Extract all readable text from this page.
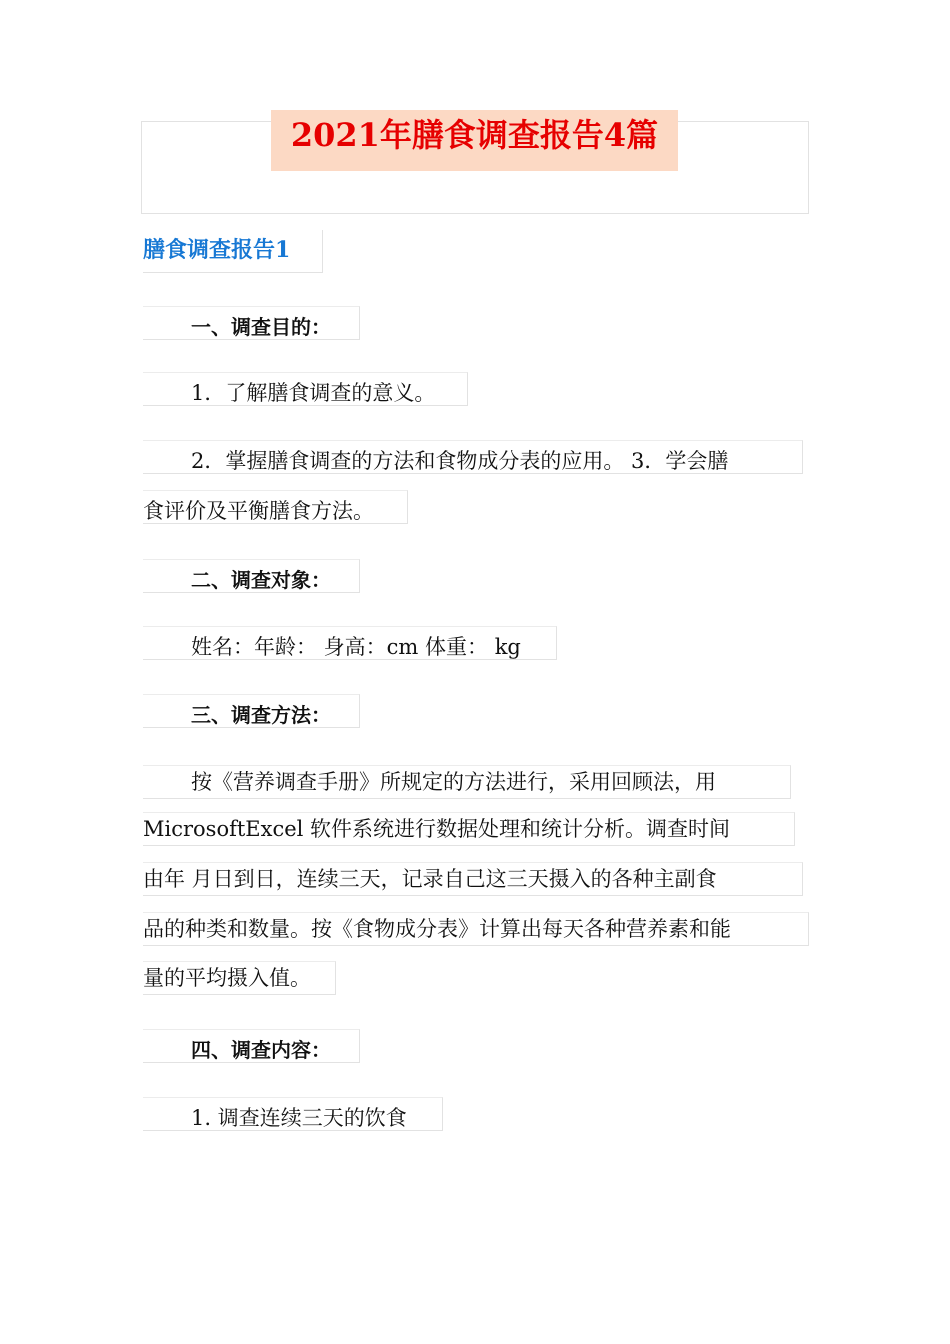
2021年膳食调查报告4篇
膳食调查报告1
一、调查目的：
1．了解膳食调查的意义。
2．掌握膳食调查的方法和食物成分表的应用。 3．学会膳
食评价及平衡膳食方法。
二、调查对象：
姓名：年龄： 身高：cm 体重： kg
三、调查方法：
按《营养调查手册》所规定的方法进行，采用回顾法，用
MicrosoftExcel 软件系统进行数据处理和统计分析。调查时间
由年 月日到日，连续三天，记录自己这三天摄入的各种主副食
品的种类和数量。按《食物成分表》计算出每天各种营养素和能
量的平均摄入值。
四、调查内容：
1. 调查连续三天的饮食
